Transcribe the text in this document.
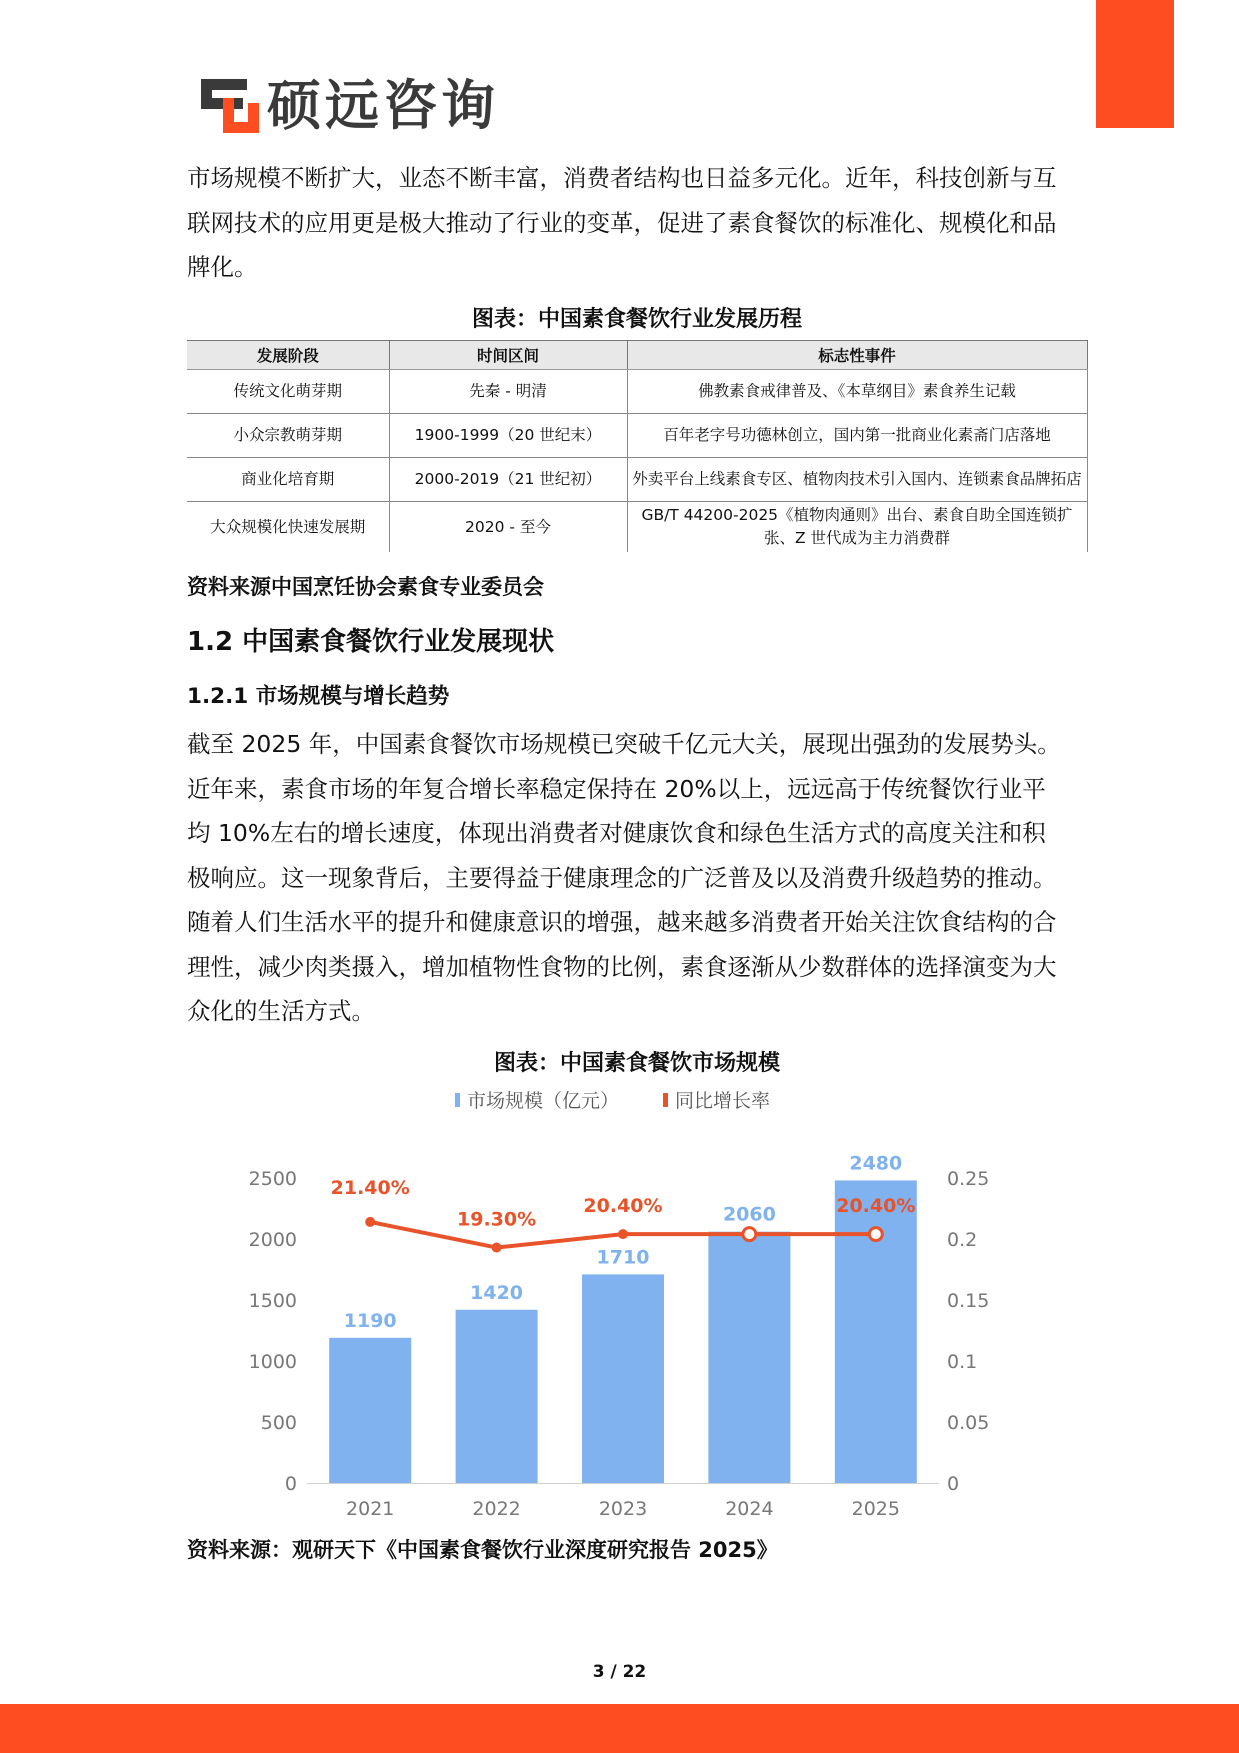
硕远咨询

市场规模不断扩大，业态不断丰富，消费者结构也日益多元化。近年，科技创新与互联网技术的应用更是极大推动了行业的变革，促进了素食餐饮的标准化、规模化和品牌化。

图表：中国素食餐饮行业发展历程

发展阶段	时间区间	标志性事件
传统文化萌芽期	先秦 - 明清	佛教素食戒律普及、《本草纲目》素食养生记载
小众宗教萌芽期	1900-1999（20 世纪末）	百年老字号功德林创立，国内第一批商业化素斋门店落地
商业化培育期	2000-2019（21 世纪初）	外卖平台上线素食专区、植物肉技术引入国内、连锁素食品牌拓店
大众规模化快速发展期	2020 - 至今	GB/T 44200-2025《植物肉通则》出台、素食自助全国连锁扩张、Z 世代成为主力消费群

资料来源中国烹饪协会素食专业委员会

1.2 中国素食餐饮行业发展现状
1.2.1 市场规模与增长趋势

截至 2025 年，中国素食餐饮市场规模已突破千亿元大关，展现出强劲的发展势头。近年来，素食市场的年复合增长率稳定保持在 20%以上，远远高于传统餐饮行业平均 10%左右的增长速度，体现出消费者对健康饮食和绿色生活方式的高度关注和积极响应。这一现象背后，主要得益于健康理念的广泛普及以及消费升级趋势的推动。随着人们生活水平的提升和健康意识的增强，越来越多消费者开始关注饮食结构的合理性，减少肉类摄入，增加植物性食物的比例，素食逐渐从少数群体的选择演变为大众化的生活方式。

图表：中国素食餐饮市场规模

市场规模（亿元）	同比增长率
0
500
1000
1500
2000
2500
0
0.05
0.1
0.15
0.2
0.25
2021	2022	2023	2024	2025
1190
1420
1710
2060
2480
21.40%
19.30%
20.40%	20.40%

资料来源：观研天下《中国素食餐饮行业深度研究报告 2025》

3 / 22
